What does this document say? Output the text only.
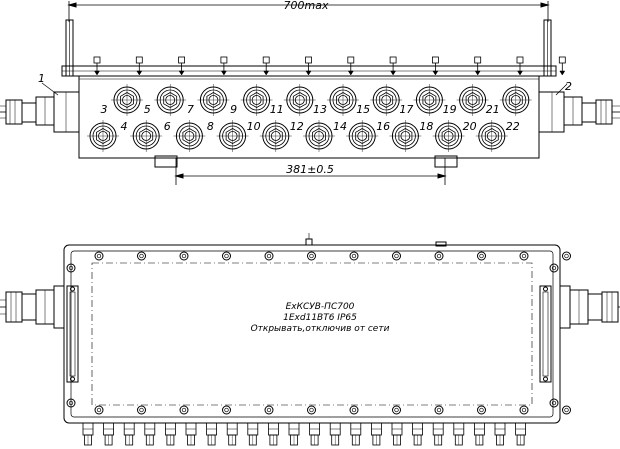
700max
381±0.5
1
2
ExКСУВ-ПС700
1Exd11BT6 IP65
Открывать,отключив от сети
3	5	7	9	11	13	15	17	19	21
4	6	8	10	12	14	16	18	20	22
